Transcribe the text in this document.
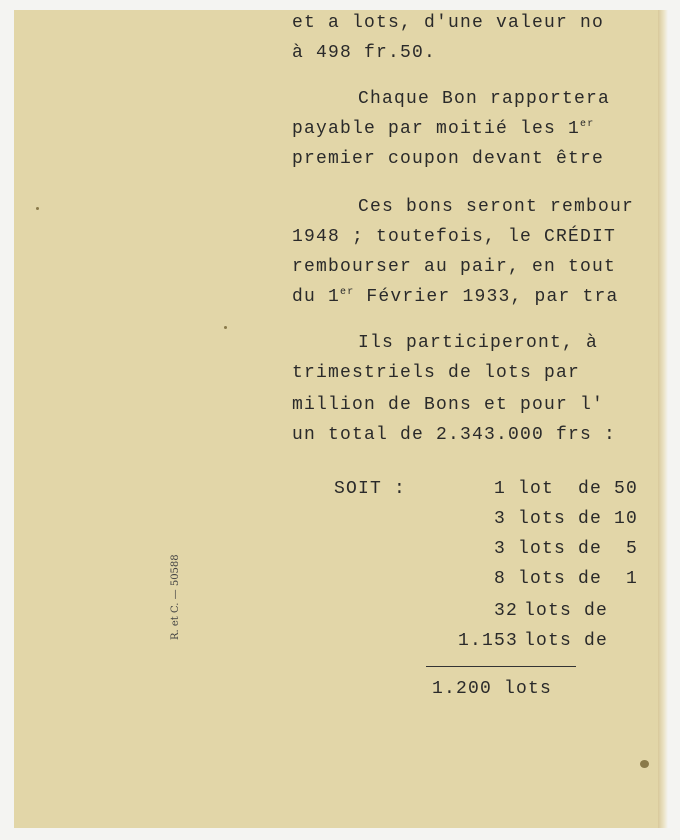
et a lots, d'une valeur no
à 498 fr.50.
Chaque Bon rapportera
payable par moitié les 1er
premier coupon devant être
Ces bons seront rembour
1948 ; toutefois, le CRÉDIT
rembourser au pair, en tout
du 1er Février 1933, par tra
Ils participeront, à
trimestriels de lots par
million de Bons et pour l'
un total de 2.343.000 frs :
SOIT :	1 lot  de 50
3 lots de 10
3 lots de  5
8 lots de  1
32 lots de
1.153 lots de
1.200 lots
R. et C. — 50588
